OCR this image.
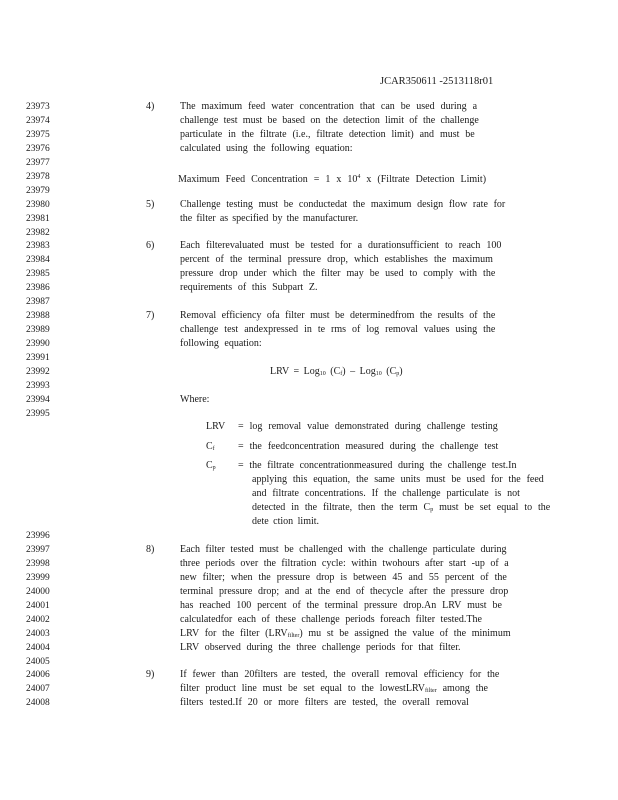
JCAR350611 -2513118r01
23973
23974
23975
23976
23977
23978
23979
23980
23981
23982
23983
23984
23985
23986
23987
23988
23989
23990
23991
23992
23993
23994
23995
23996
23997
23998
23999
24000
24001
24002
24003
24004
24005
24006
24007
24008
4)
5)
6)
7)
8)
9)
The maximum feed water concentration that can be used during a
challenge test must be based on the detection limit of the challenge
particulate in the filtrate (i.e., filtrate detection limit) and must be
calculated using the following equation:
Maximum Feed Concentration = 1 x $10^4$ x (Filtrate Detection Limit)
Challenge testing must be conductedat the maximum design flow rate for
the filter as specified by the manufacturer.
Each filterevaluated must be tested for a durationsufficient to reach 100
percent of the terminal pressure drop, which establishes the maximum
pressure drop under which the filter may be used to comply with the
requirements of this Subpart Z.
Removal efficiency ofa filter must be determinedfrom the results of the
challenge test andexpressed in te rms of log removal values using the
following equation:
LRV = Log$_{10}$ $(C_f) - Log_{10}$ $(C_p)$
Where:
LRV = log removal value demonstrated during challenge testing
$C_f$ = the feedconcentration measured during the challenge test
$C_p$ = the filtrate concentrationmeasured during the challenge test.In
applying this equation, the same units must be used for the feed
and filtrate concentrations. If the challenge particulate is not
detected in the filtrate, then the term $C_p$ must be set equal to the
dete ction limit.
Each filter tested must be challenged with the challenge particulate during
three periods over the filtration cycle: within twohours after start -up of a
new filter; when the pressure drop is between 45 and 55 percent of the
terminal pressure drop; and at the end of thecycle after the pressure drop
has reached 100 percent of the terminal pressure drop.An LRV must be
calculatedfor each of these challenge periods foreach filter tested.The
LRV for the filter $(LRV_{filter})$ mu st be assigned the value of the minimum
LRV observed during the three challenge periods for that filter.
If fewer than 20filters are tested, the overall removal efficiency for the
filter product line must be set equal to the lowestLRV$_{filter}$ among the
filters tested.If 20 or more filters are tested, the overall removal
